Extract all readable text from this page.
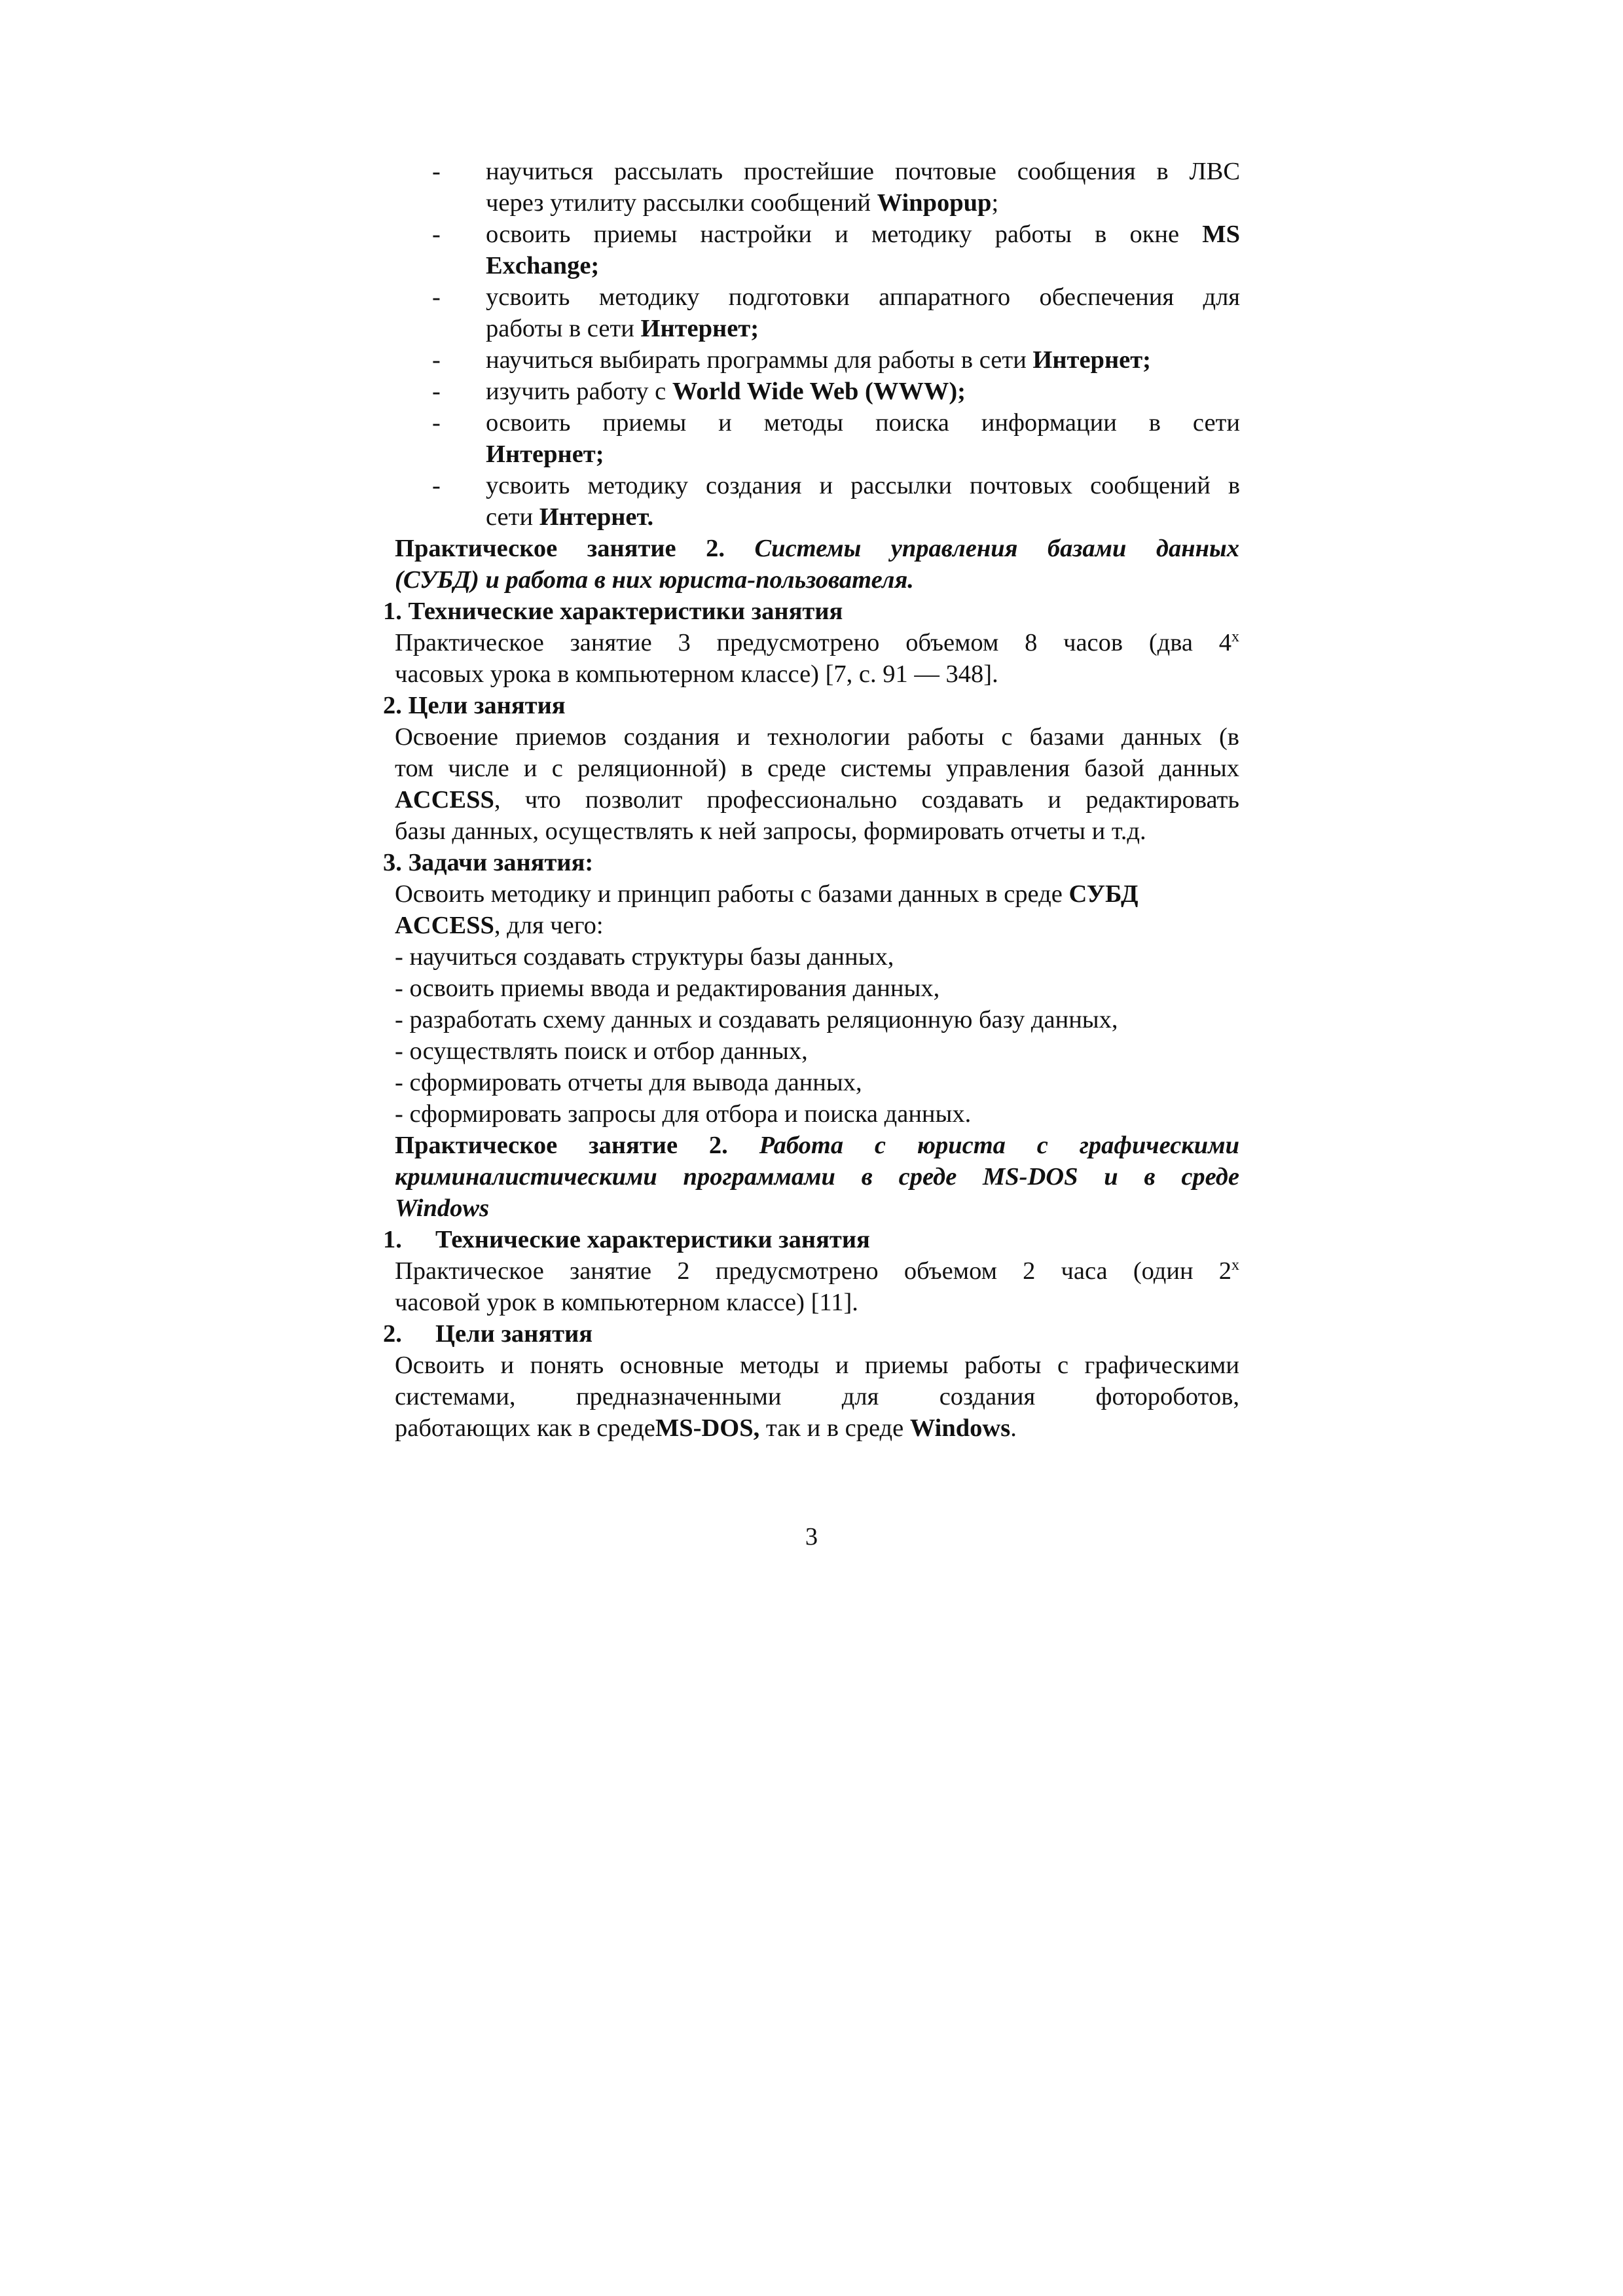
- научиться рассылать простейшие почтовые сообщения в ЛВС
через утилиту рассылки сообщений Winpopup;
- освоить приемы настройки и методику работы в окне MS
Exchange;
- усвоить методику подготовки аппаратного обеспечения для
работы в сети Интернет;
- научиться выбирать программы для работы в сети Интернет;
- изучить работу с World Wide Web (WWW);
- освоить приемы и методы поиска информации в сети
Интернет;
- усвоить методику создания и рассылки почтовых сообщений в
сети Интернет.
Практическое занятие 2. Системы управления базами данных
(СУБД) и работа в них юриста-пользователя.
1. Технические характеристики занятия
Практическое занятие 3 предусмотрено объемом 8 часов (два $4^х$
часовых урока в компьютерном классе) [7, с. 91 — 348].
2. Цели занятия
Освоение приемов создания и технологии работы с базами данных (в
том числе и с реляционной) в среде системы управления базой данных
ACCESS, что позволит профессионально создавать и редактировать
базы данных, осуществлять к ней запросы, формировать отчеты и т.д.
3. Задачи занятия:
Освоить методику и принцип работы с базами данных в среде СУБД
ACCESS, для чего:
- научиться создавать структуры базы данных,
- освоить приемы ввода и редактирования данных,
- разработать схему данных и создавать реляционную базу данных,
- осуществлять поиск и отбор данных,
- сформировать отчеты для вывода данных,
- сформировать запросы для отбора и поиска данных.
Практическое занятие 2. Работа с юриста с графическими
криминалистическими программами в среде MS-DOS и в среде
Windows
1. Технические характеристики занятия
Практическое занятие 2 предусмотрено объемом 2 часа (один $2^х$
часовой урок в компьютерном классе) [11].
2. Цели занятия
Освоить и понять основные методы и приемы работы с графическими
системами, предназначенными для создания фотороботов,
работающих как в средеMS-DOS, так и в среде Windows.
3
